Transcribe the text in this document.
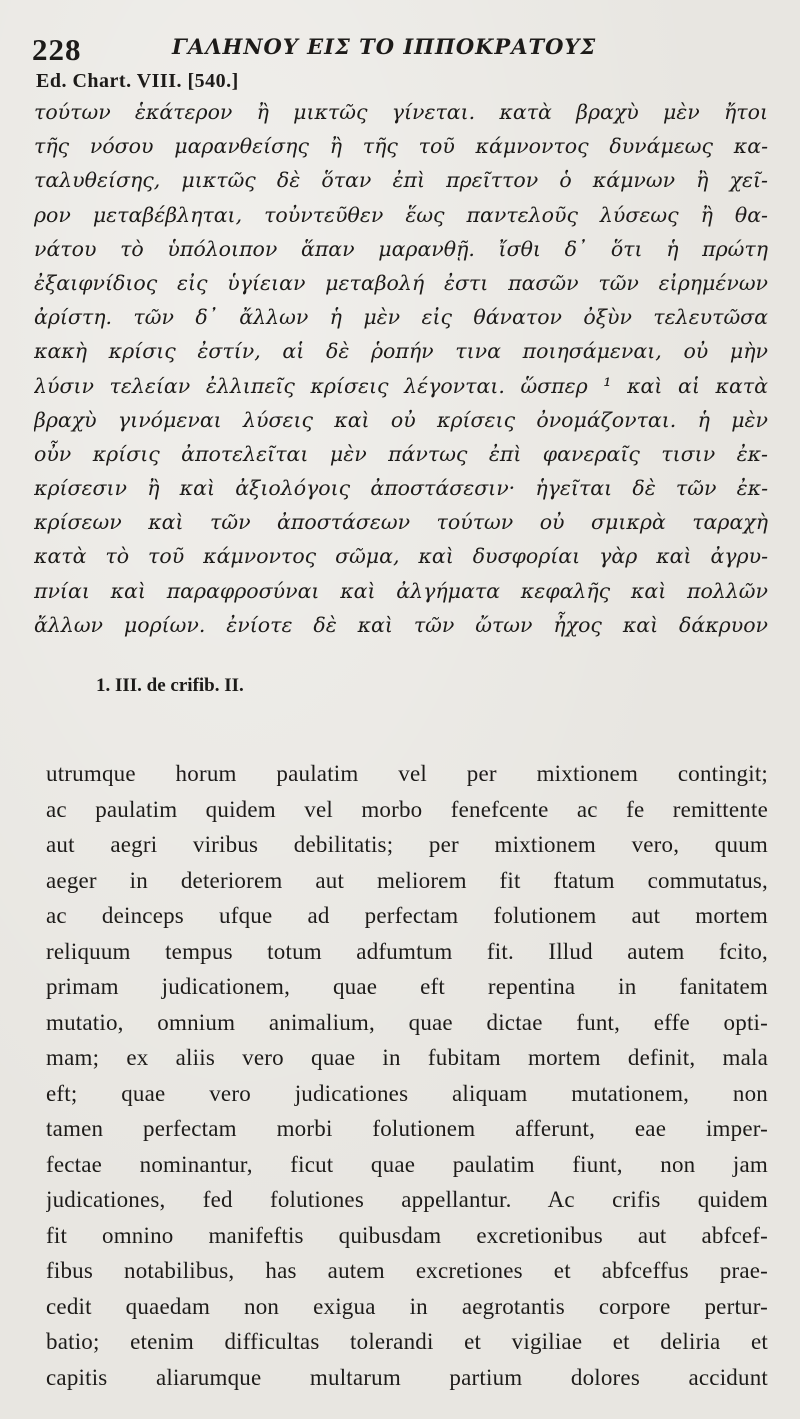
228	ΓΑΛΗΝΟΥ ΕΙΣ ΤΟ ΙΠΠΟΚΡΑΤΟΥΣ
Ed. Chart. VIII. [540.]
τούτων ἑκάτερον ἢ μικτῶς γίνεται. κατὰ βραχὺ μὲν ἤτοι
τῆς νόσου μαρανθείσης ἢ τῆς τοῦ κάμνοντος δυνάμεως κα-
ταλυθείσης, μικτῶς δὲ ὅταν ἐπὶ πρεῖττον ὁ κάμνων ἢ χεῖ-
ρον μεταβέβληται, τοὐντεῦθεν ἕως παντελοῦς λύσεως ἢ θα-
νάτου τὸ ὑπόλοιπον ἅπαν μαρανθῇ. ἴσθι δ᾽ ὅτι ἡ πρώτη
ἐξαιφνίδιος εἰς ὑγίειαν μεταβολή ἐστι πασῶν τῶν εἰρημένων
ἀρίστη. τῶν δ᾽ ἄλλων ἡ μὲν εἰς θάνατον ὀξὺν τελευτῶσα
κακὴ κρίσις ἐστίν, αἱ δὲ ῥοπήν τινα ποιησάμεναι, οὐ μὴν
λύσιν τελείαν ἐλλιπεῖς κρίσεις λέγονται. ὥσπερ ¹ καὶ αἱ κατὰ
βραχὺ γινόμεναι λύσεις καὶ οὐ κρίσεις ὀνομάζονται. ἡ μὲν
οὖν κρίσις ἀποτελεῖται μὲν πάντως ἐπὶ φανεραῖς τισιν ἐκ-
κρίσεσιν ἢ καὶ ἀξιολόγοις ἀποστάσεσιν· ἡγεῖται δὲ τῶν ἐκ-
κρίσεων καὶ τῶν ἀποστάσεων τούτων οὐ σμικρὰ ταραχὴ
κατὰ τὸ τοῦ κάμνοντος σῶμα, καὶ δυσφορίαι γὰρ καὶ ἀγρυ-
πνίαι καὶ παραφροσύναι καὶ ἀλγήματα κεφαλῆς καὶ πολλῶν
ἄλλων μορίων. ἐνίοτε δὲ καὶ τῶν ὤτων ἦχος καὶ δάκρυον
1. III. de crifib. II.
utrumque horum paulatim vel per mixtionem contingit;
ac paulatim quidem vel morbo fenefcente ac fe remittente
aut aegri viribus debilitatis; per mixtionem vero, quum
aeger in deteriorem aut meliorem fit ftatum commutatus,
ac deinceps ufque ad perfectam folutionem aut mortem
reliquum tempus totum adfumtum fit. Illud autem fcito,
primam judicationem, quae eft repentina in fanitatem
mutatio, omnium animalium, quae dictae funt, effe opti-
mam; ex aliis vero quae in fubitam mortem definit, mala
eft; quae vero judicationes aliquam mutationem, non
tamen perfectam morbi folutionem afferunt, eae imper-
fectae nominantur, ficut quae paulatim fiunt, non jam
judicationes, fed folutiones appellantur. Ac crifis quidem
fit omnino manifeftis quibusdam excretionibus aut abfcef-
fibus notabilibus, has autem excretiones et abfceffus prae-
cedit quaedam non exigua in aegrotantis corpore pertur-
batio; etenim difficultas tolerandi et vigiliae et deliria et
capitis aliarumque multarum partium dolores accidunt
